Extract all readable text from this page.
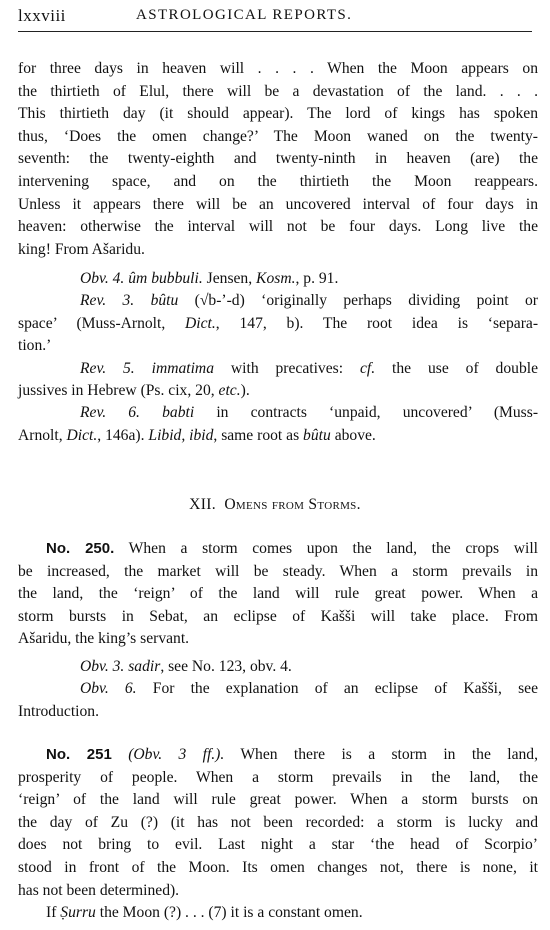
lxxviii	ASTROLOGICAL REPORTS.
for three days in heaven will . . . . When the Moon appears on
the thirtieth of Elul, there will be a devastation of the land. . . .
This thirtieth day (it should appear). The lord of kings has spoken
thus, ‘Does the omen change?’ The Moon waned on the twenty-
seventh: the twenty-eighth and twenty-ninth in heaven (are) the
intervening space, and on the thirtieth the Moon reappears.
Unless it appears there will be an uncovered interval of four days in
heaven: otherwise the interval will not be four days. Long live the
king! From Ašaridu.
Obv. 4. ûm bubbuli. Jensen, Kosm., p. 91.
Rev. 3. bûtu (√b-’-d) ‘originally perhaps dividing point or
space’ (Muss-Arnolt, Dict., 147, b). The root idea is ‘separa-
tion.’
Rev. 5. immatima with precatives: cf. the use of double
jussives in Hebrew (Ps. cix, 20, etc.).
Rev. 6. babti in contracts ‘unpaid, uncovered’ (Muss-
Arnolt, Dict., 146a). Libid, ibid, same root as bûtu above.
XII. Omens from Storms.
No. 250. When a storm comes upon the land, the crops will
be increased, the market will be steady. When a storm prevails in
the land, the ‘reign’ of the land will rule great power. When a
storm bursts in Sebat, an eclipse of Kašši will take place. From
Ašaridu, the king’s servant.
Obv. 3. sadir, see No. 123, obv. 4.
Obv. 6. For the explanation of an eclipse of Kašši, see
Introduction.
No. 251 (Obv. 3 ff.). When there is a storm in the land,
prosperity of people. When a storm prevails in the land, the
‘reign’ of the land will rule great power. When a storm bursts on
the day of Zu (?) (it has not been recorded: a storm is lucky and
does not bring to evil. Last night a star ‘the head of Scorpio’
stood in front of the Moon. Its omen changes not, there is none, it
has not been determined).
If Ṣurru the Moon (?) . . . (7) it is a constant omen.
